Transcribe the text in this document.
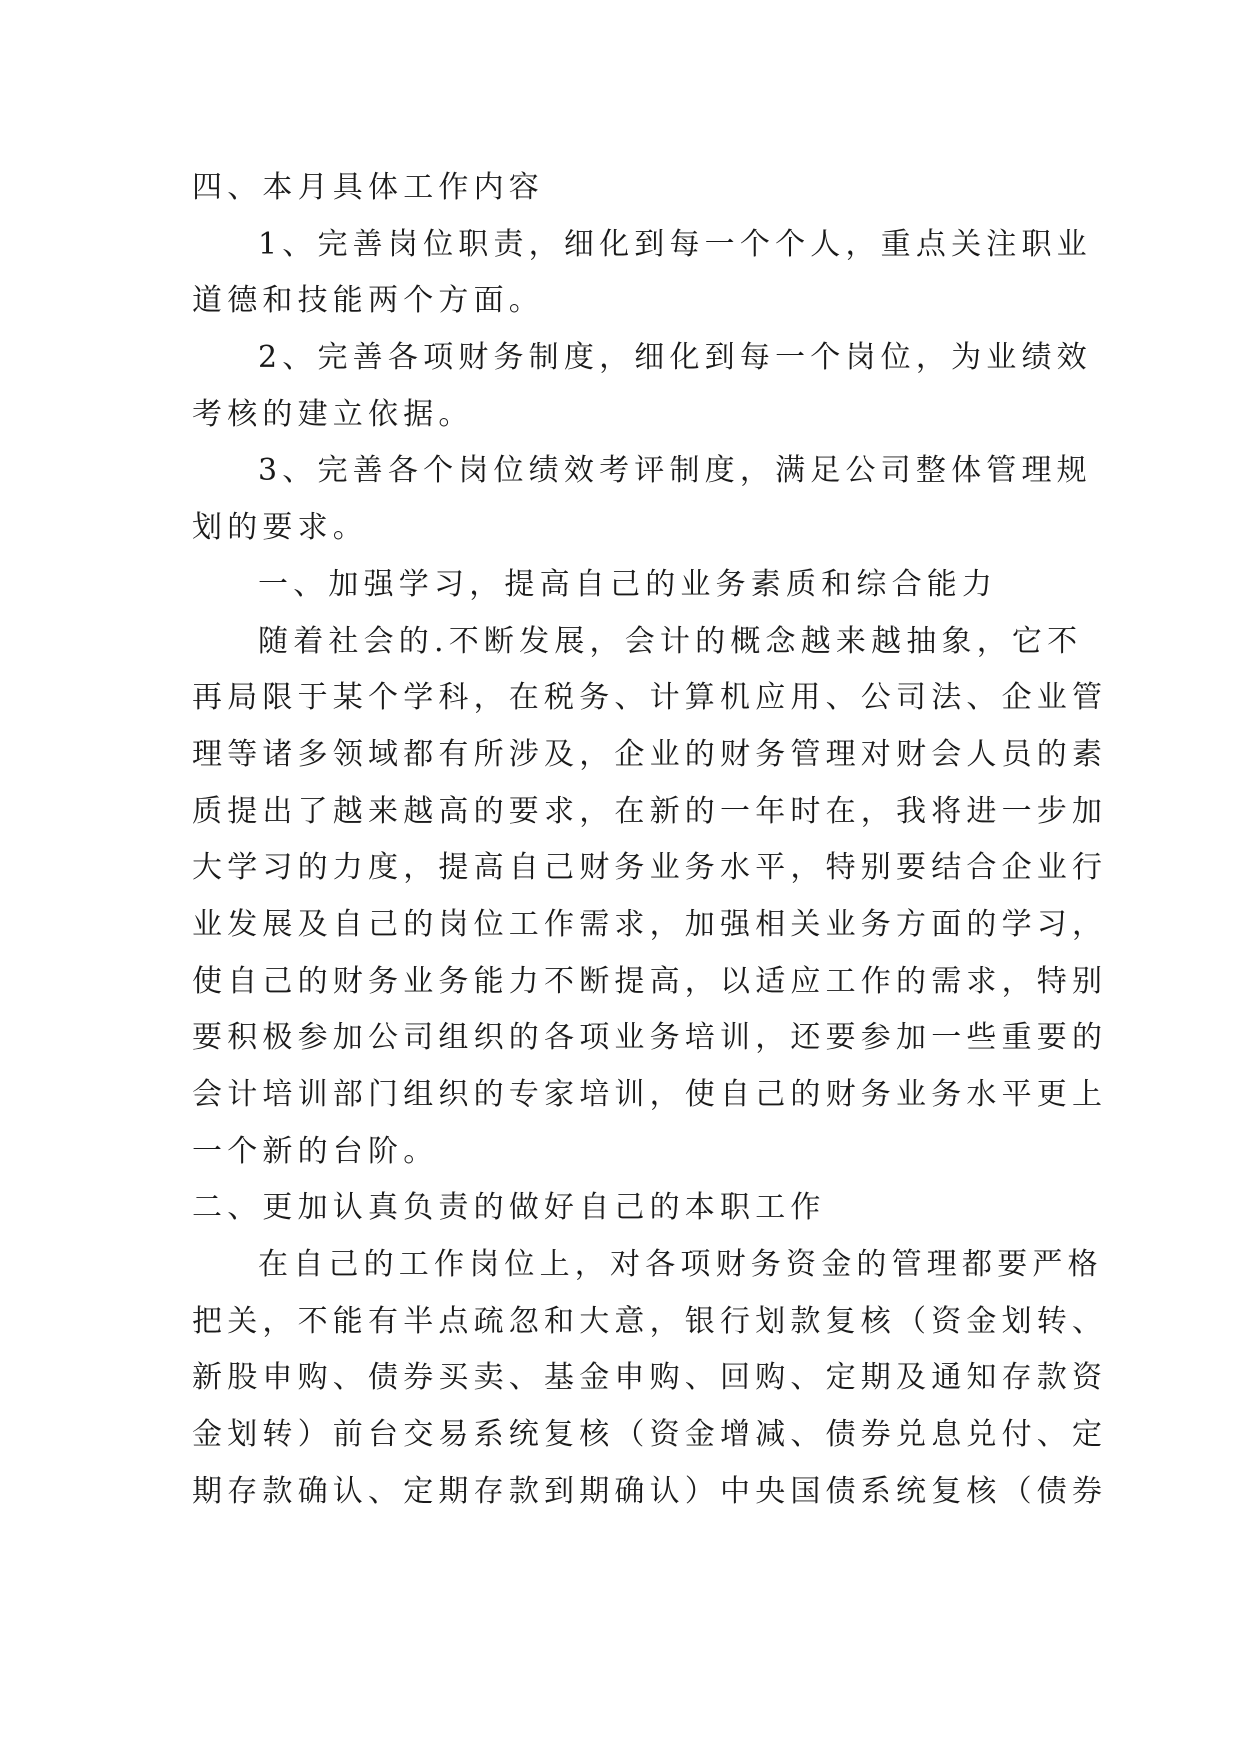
四、本月具体工作内容
1、完善岗位职责，细化到每一个个人，重点关注职业
道德和技能两个方面。
2、完善各项财务制度，细化到每一个岗位，为业绩效
考核的建立依据。
3、完善各个岗位绩效考评制度，满足公司整体管理规
划的要求。
一、加强学习，提高自己的业务素质和综合能力
随着社会的.不断发展，会计的概念越来越抽象，它不
再局限于某个学科，在税务、计算机应用、公司法、企业管
理等诸多领域都有所涉及，企业的财务管理对财会人员的素
质提出了越来越高的要求，在新的一年时在，我将进一步加
大学习的力度，提高自己财务业务水平，特别要结合企业行
业发展及自己的岗位工作需求，加强相关业务方面的学习，
使自己的财务业务能力不断提高，以适应工作的需求，特别
要积极参加公司组织的各项业务培训，还要参加一些重要的
会计培训部门组织的专家培训，使自己的财务业务水平更上
一个新的台阶。
二、更加认真负责的做好自己的本职工作
在自己的工作岗位上，对各项财务资金的管理都要严格
把关，不能有半点疏忽和大意，银行划款复核（资金划转、
新股申购、债券买卖、基金申购、回购、定期及通知存款资
金划转）前台交易系统复核（资金增减、债券兑息兑付、定
期存款确认、定期存款到期确认）中央国债系统复核（债券
